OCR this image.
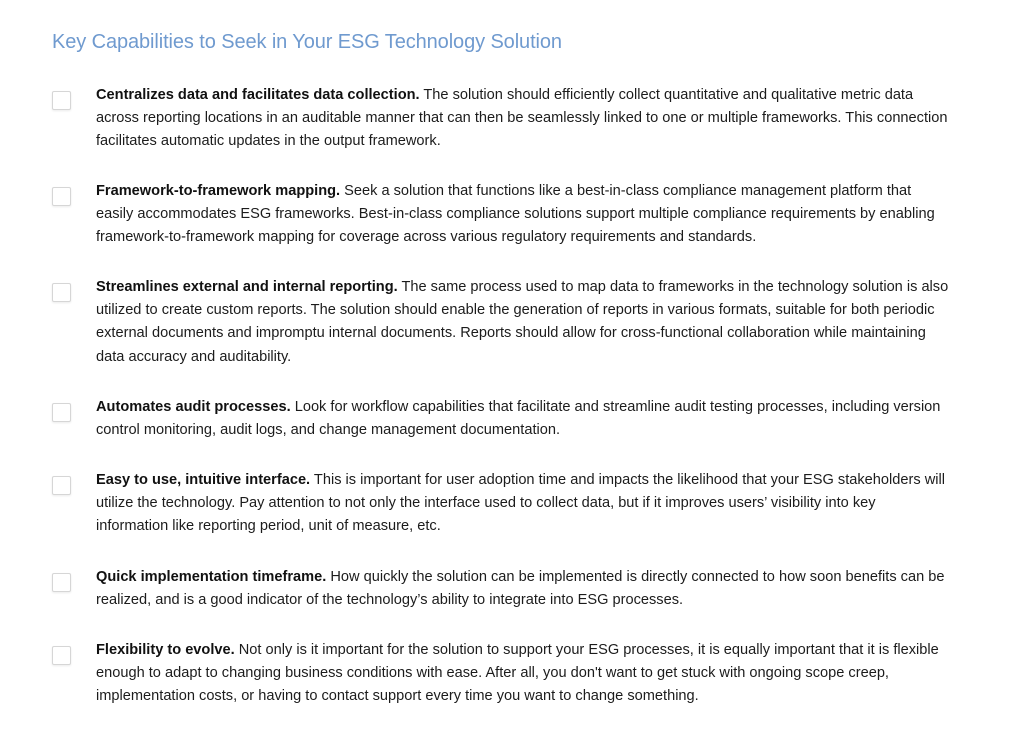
Key Capabilities to Seek in Your ESG Technology Solution
Centralizes data and facilitates data collection. The solution should efficiently collect quantitative and qualitative metric data across reporting locations in an auditable manner that can then be seamlessly linked to one or multiple frameworks. This connection facilitates automatic updates in the output framework.
Framework-to-framework mapping. Seek a solution that functions like a best-in-class compliance management platform that easily accommodates ESG frameworks. Best-in-class compliance solutions support multiple compliance requirements by enabling framework-to-framework mapping for coverage across various regulatory requirements and standards.
Streamlines external and internal reporting. The same process used to map data to frameworks in the technology solution is also utilized to create custom reports. The solution should enable the generation of reports in various formats, suitable for both periodic external documents and impromptu internal documents. Reports should allow for cross-functional collaboration while maintaining data accuracy and auditability.
Automates audit processes. Look for workflow capabilities that facilitate and streamline audit testing processes, including version control monitoring, audit logs, and change management documentation.
Easy to use, intuitive interface. This is important for user adoption time and impacts the likelihood that your ESG stakeholders will utilize the technology. Pay attention to not only the interface used to collect data, but if it improves users’ visibility into key information like reporting period, unit of measure, etc.
Quick implementation timeframe. How quickly the solution can be implemented is directly connected to how soon benefits can be realized, and is a good indicator of the technology’s ability to integrate into ESG processes.
Flexibility to evolve. Not only is it important for the solution to support your ESG processes, it is equally important that it is flexible enough to adapt to changing business conditions with ease. After all, you don't want to get stuck with ongoing scope creep, implementation costs, or having to contact support every time you want to change something.
